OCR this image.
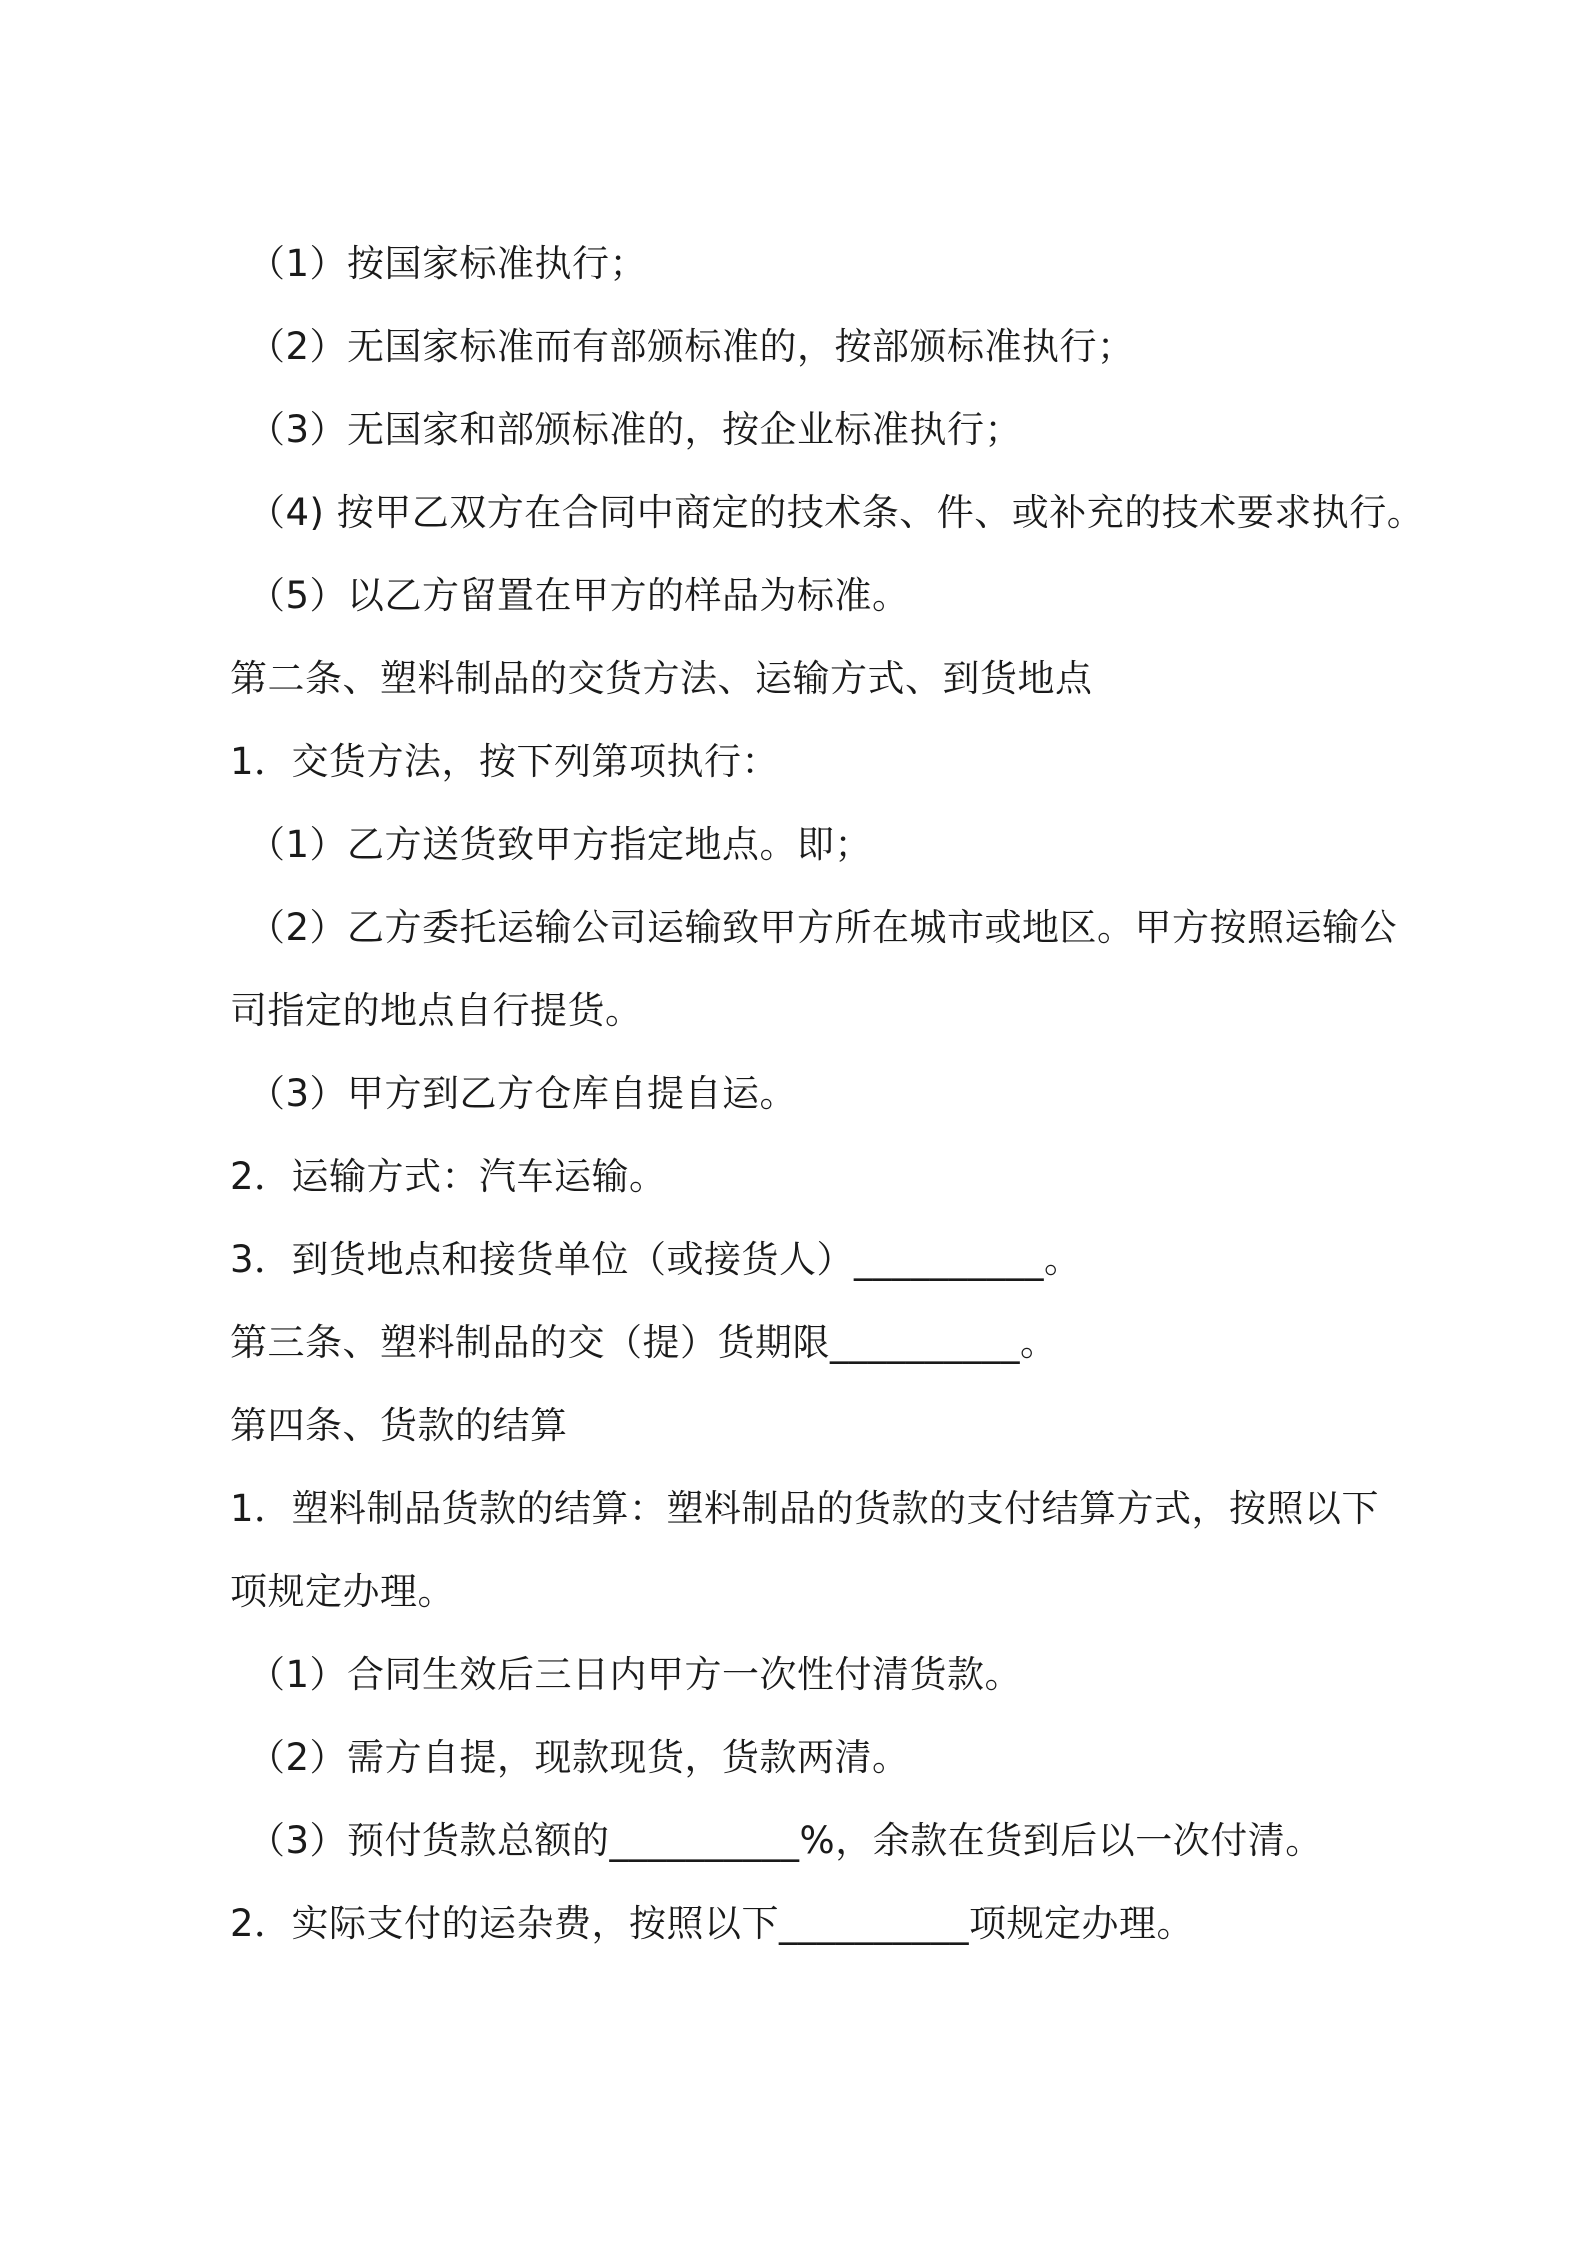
（1）按国家标准执行；
（2）无国家标准而有部颁标准的，按部颁标准执行；
（3）无国家和部颁标准的，按企业标准执行；
（4) 按甲乙双方在合同中商定的技术条、件、或补充的技术要求执行。
（5）以乙方留置在甲方的样品为标准。
第二条、塑料制品的交货方法、运输方式、到货地点
1．交货方法，按下列第项执行：
（1）乙方送货致甲方指定地点。即；
（2）乙方委托运输公司运输致甲方所在城市或地区。甲方按照运输公
司指定的地点自行提货。
（3）甲方到乙方仓库自提自运。
2．运输方式：汽车运输。
3．到货地点和接货单位（或接货人）__________。
第三条、塑料制品的交（提）货期限__________。
第四条、货款的结算
1．塑料制品货款的结算：塑料制品的货款的支付结算方式，按照以下
项规定办理。
（1）合同生效后三日内甲方一次性付清货款。
（2）需方自提，现款现货，货款两清。
（3）预付货款总额的__________%，余款在货到后以一次付清。
2．实际支付的运杂费，按照以下__________项规定办理。
